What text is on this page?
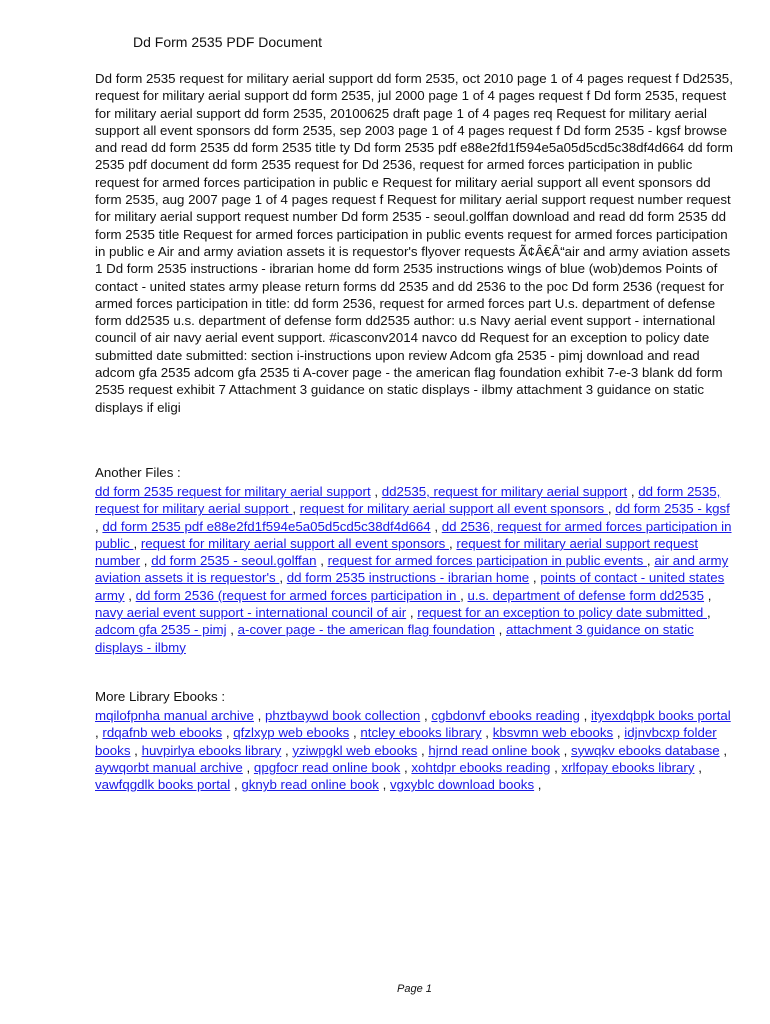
Dd Form 2535 PDF Document
Dd form 2535 request for military aerial support dd form 2535, oct 2010 page 1 of 4 pages request f Dd2535, request for military aerial support dd form 2535, jul 2000 page 1 of 4 pages request f Dd form 2535, request for military aerial support dd form 2535, 20100625 draft page 1 of 4 pages req Request for military aerial support all event sponsors dd form 2535, sep 2003 page 1 of 4 pages request f Dd form 2535 - kgsf browse and read dd form 2535 dd form 2535 title ty Dd form 2535 pdf e88e2fd1f594e5a05d5cd5c38df4d664 dd form 2535 pdf document dd form 2535 request for Dd 2536, request for armed forces participation in public request for armed forces participation in public e Request for military aerial support all event sponsors dd form 2535, aug 2007 page 1 of 4 pages request f Request for military aerial support request number request for military aerial support request number Dd form 2535 - seoul.golffan download and read dd form 2535 dd form 2535 title Request for armed forces participation in public events request for armed forces participation in public e Air and army aviation assets it is requestor's flyover requests Ã¢Â€Â“air and army aviation assets 1 Dd form 2535 instructions - ibrarian home dd form 2535 instructions wings of blue (wob)demos Points of contact - united states army please return forms dd 2535 and dd 2536 to the poc Dd form 2536 (request for armed forces participation in title: dd form 2536, request for armed forces part U.s. department of defense form dd2535 u.s. department of defense form dd2535 author: u.s Navy aerial event support - international council of air navy aerial event support. #icasconv2014 navco dd Request for an exception to policy date submitted date submitted: section i-instructions upon review Adcom gfa 2535 - pimj download and read adcom gfa 2535 adcom gfa 2535 ti A-cover page - the american flag foundation exhibit 7-e-3 blank dd form 2535 request exhibit 7 Attachment 3 guidance on static displays - ilbmy attachment 3 guidance on static displays if eligi
Another Files :
dd form 2535 request for military aerial support , dd2535, request for military aerial support , dd form 2535, request for military aerial support , request for military aerial support all event sponsors , dd form 2535 - kgsf , dd form 2535 pdf e88e2fd1f594e5a05d5cd5c38df4d664 , dd 2536, request for armed forces participation in public , request for military aerial support all event sponsors , request for military aerial support request number , dd form 2535 - seoul.golffan , request for armed forces participation in public events , air and army aviation assets it is requestor's , dd form 2535 instructions - ibrarian home , points of contact - united states army , dd form 2536 (request for armed forces participation in , u.s. department of defense form dd2535 , navy aerial event support - international council of air , request for an exception to policy date submitted , adcom gfa 2535 - pimj , a-cover page - the american flag foundation , attachment 3 guidance on static displays - ilbmy
More Library Ebooks :
mqilofpnha manual archive , phztbaywd book collection , cgbdonvf ebooks reading , ityexdqbpk books portal , rdqafnb web ebooks , qfzlxyp web ebooks , ntcley ebooks library , kbsvmn web ebooks , idjnvbcxp folder books , huvpirlya ebooks library , yziwpgkl web ebooks , hjrnd read online book , sywqkv ebooks database , aywqorbt manual archive , qpgfocr read online book , xohtdpr ebooks reading , xrlfopay ebooks library , vawfqgdlk books portal , gknyb read online book , vgxyblc download books ,
Page 1
